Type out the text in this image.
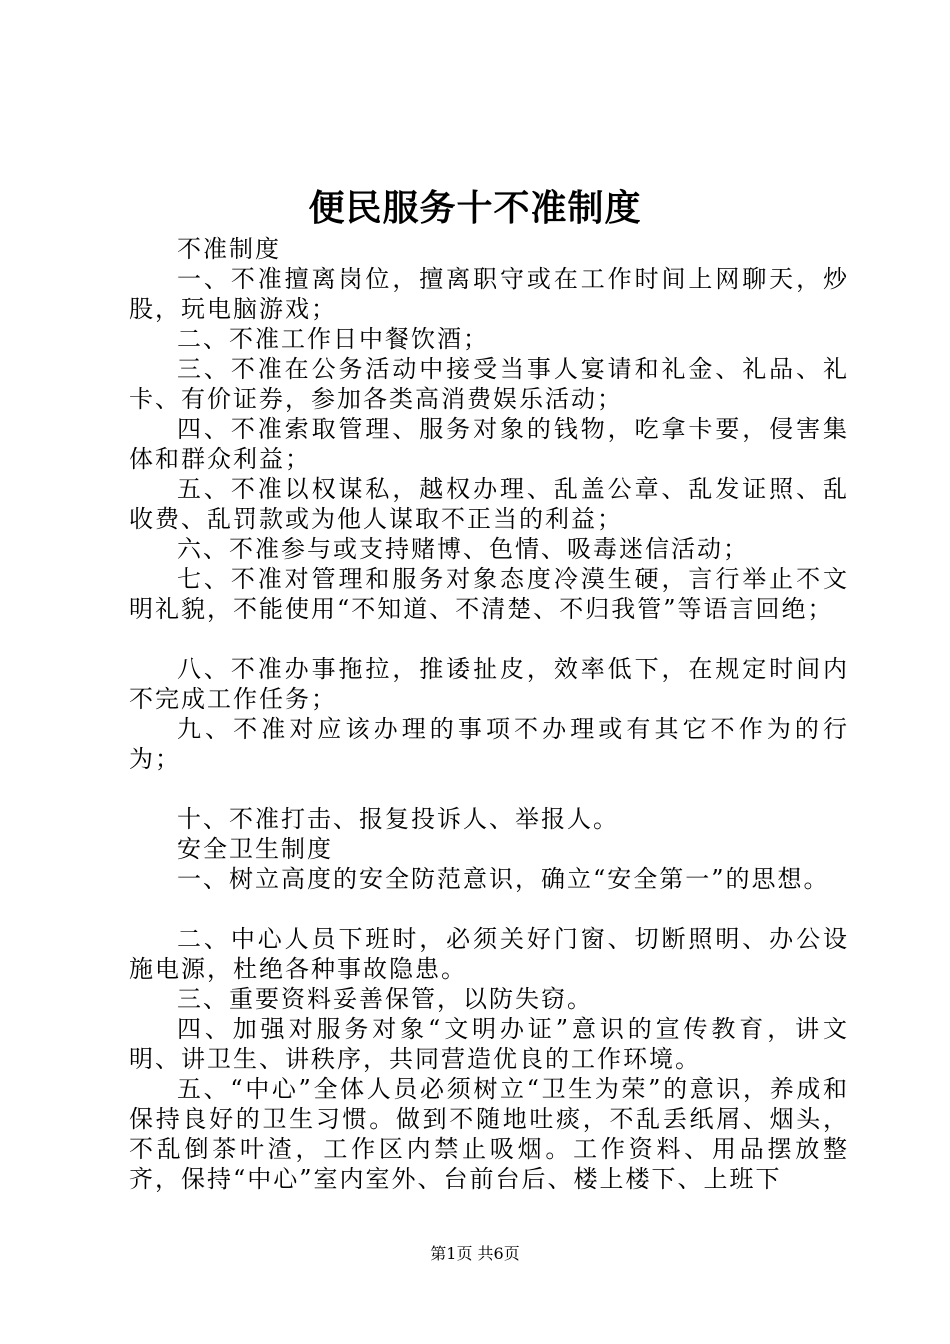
便民服务十不准制度

不准制度

一、不准擅离岗位，擅离职守或在工作时间上网聊天，炒股，玩电脑游戏；

二、不准工作日中餐饮酒；

三、不准在公务活动中接受当事人宴请和礼金、礼品、礼卡、有价证券，参加各类高消费娱乐活动；

四、不准索取管理、服务对象的钱物，吃拿卡要，侵害集体和群众利益；

五、不准以权谋私，越权办理、乱盖公章、乱发证照、乱收费、乱罚款或为他人谋取不正当的利益；

六、不准参与或支持赌博、色情、吸毒迷信活动；

七、不准对管理和服务对象态度冷漠生硬，言行举止不文明礼貌，不能使用“不知道、不清楚、不归我管”等语言回绝；

八、不准办事拖拉，推诿扯皮，效率低下，在规定时间内不完成工作任务；

九、不准对应该办理的事项不办理或有其它不作为的行为；

十、不准打击、报复投诉人、举报人。

安全卫生制度

一、树立高度的安全防范意识，确立“安全第一”的思想。

二、中心人员下班时，必须关好门窗、切断照明、办公设施电源，杜绝各种事故隐患。

三、重要资料妥善保管，以防失窃。

四、加强对服务对象“文明办证”意识的宣传教育，讲文明、讲卫生、讲秩序，共同营造优良的工作环境。

五、“中心”全体人员必须树立“卫生为荣”的意识，养成和保持良好的卫生习惯。做到不随地吐痰，不乱丢纸屑、烟头，不乱倒茶叶渣，工作区内禁止吸烟。工作资料、用品摆放整齐，保持“中心”室内室外、台前台后、楼上楼下、上班下

第1页 共6页
